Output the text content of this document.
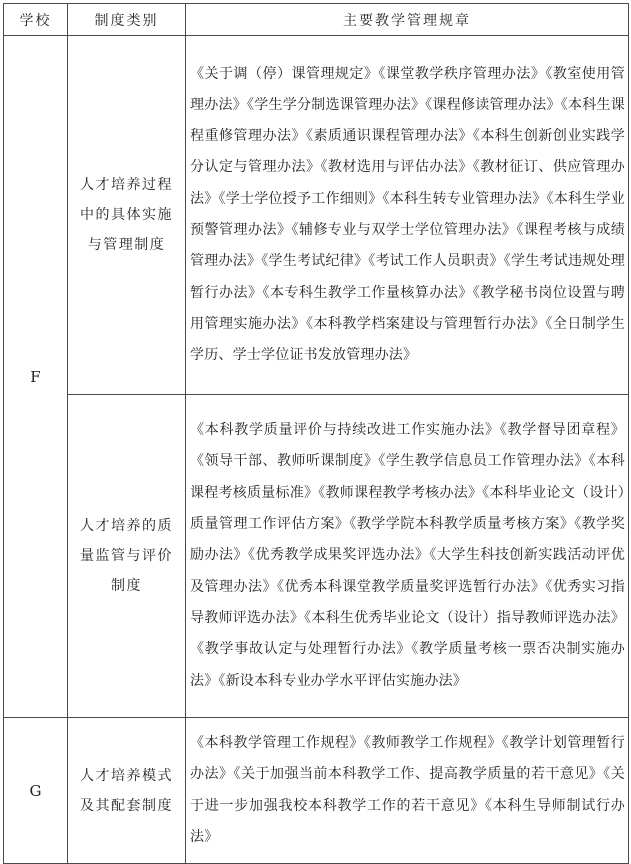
学校	制度类别	主要教学管理规章
F	人才培养过程中的具体实施与管理制度	《关于调（停）课管理规定》《课堂教学秩序管理办法》《教室使用管理办法》《学生学分制选课管理办法》《课程修读管理办法》《本科生课程重修管理办法》《素质通识课程管理办法》《本科生创新创业实践学分认定与管理办法》《教材选用与评估办法》《教材征订、供应管理办法》《学士学位授予工作细则》《本科生转专业管理办法》《本科生学业预警管理办法》《辅修专业与双学士学位管理办法》《课程考核与成绩管理办法》《学生考试纪律》《考试工作人员职责》《学生考试违规处理暂行办法》《本专科生教学工作量核算办法》《教学秘书岗位设置与聘用管理实施办法》《本科教学档案建设与管理暂行办法》《全日制学生学历、学士学位证书发放管理办法》
	人才培养的质量监管与评价制度	《本科教学质量评价与持续改进工作实施办法》《教学督导团章程》《领导干部、教师听课制度》《学生教学信息员工作管理办法》《本科课程考核质量标准》《教师课程教学考核办法》《本科毕业论文（设计）质量管理工作评估方案》《教学学院本科教学质量考核方案》《教学奖励办法》《优秀教学成果奖评选办法》《大学生科技创新实践活动评优及管理办法》《优秀本科课堂教学质量奖评选暂行办法》《优秀实习指导教师评选办法》《本科生优秀毕业论文（设计）指导教师评选办法》《教学事故认定与处理暂行办法》《教学质量考核一票否决制实施办法》《新设本科专业办学水平评估实施办法》
G	人才培养模式及其配套制度	《本科教学管理工作规程》《教师教学工作规程》《教学计划管理暂行办法》《关于加强当前本科教学工作、提高教学质量的若干意见》《关于进一步加强我校本科教学工作的若干意见》《本科生导师制试行办法》
